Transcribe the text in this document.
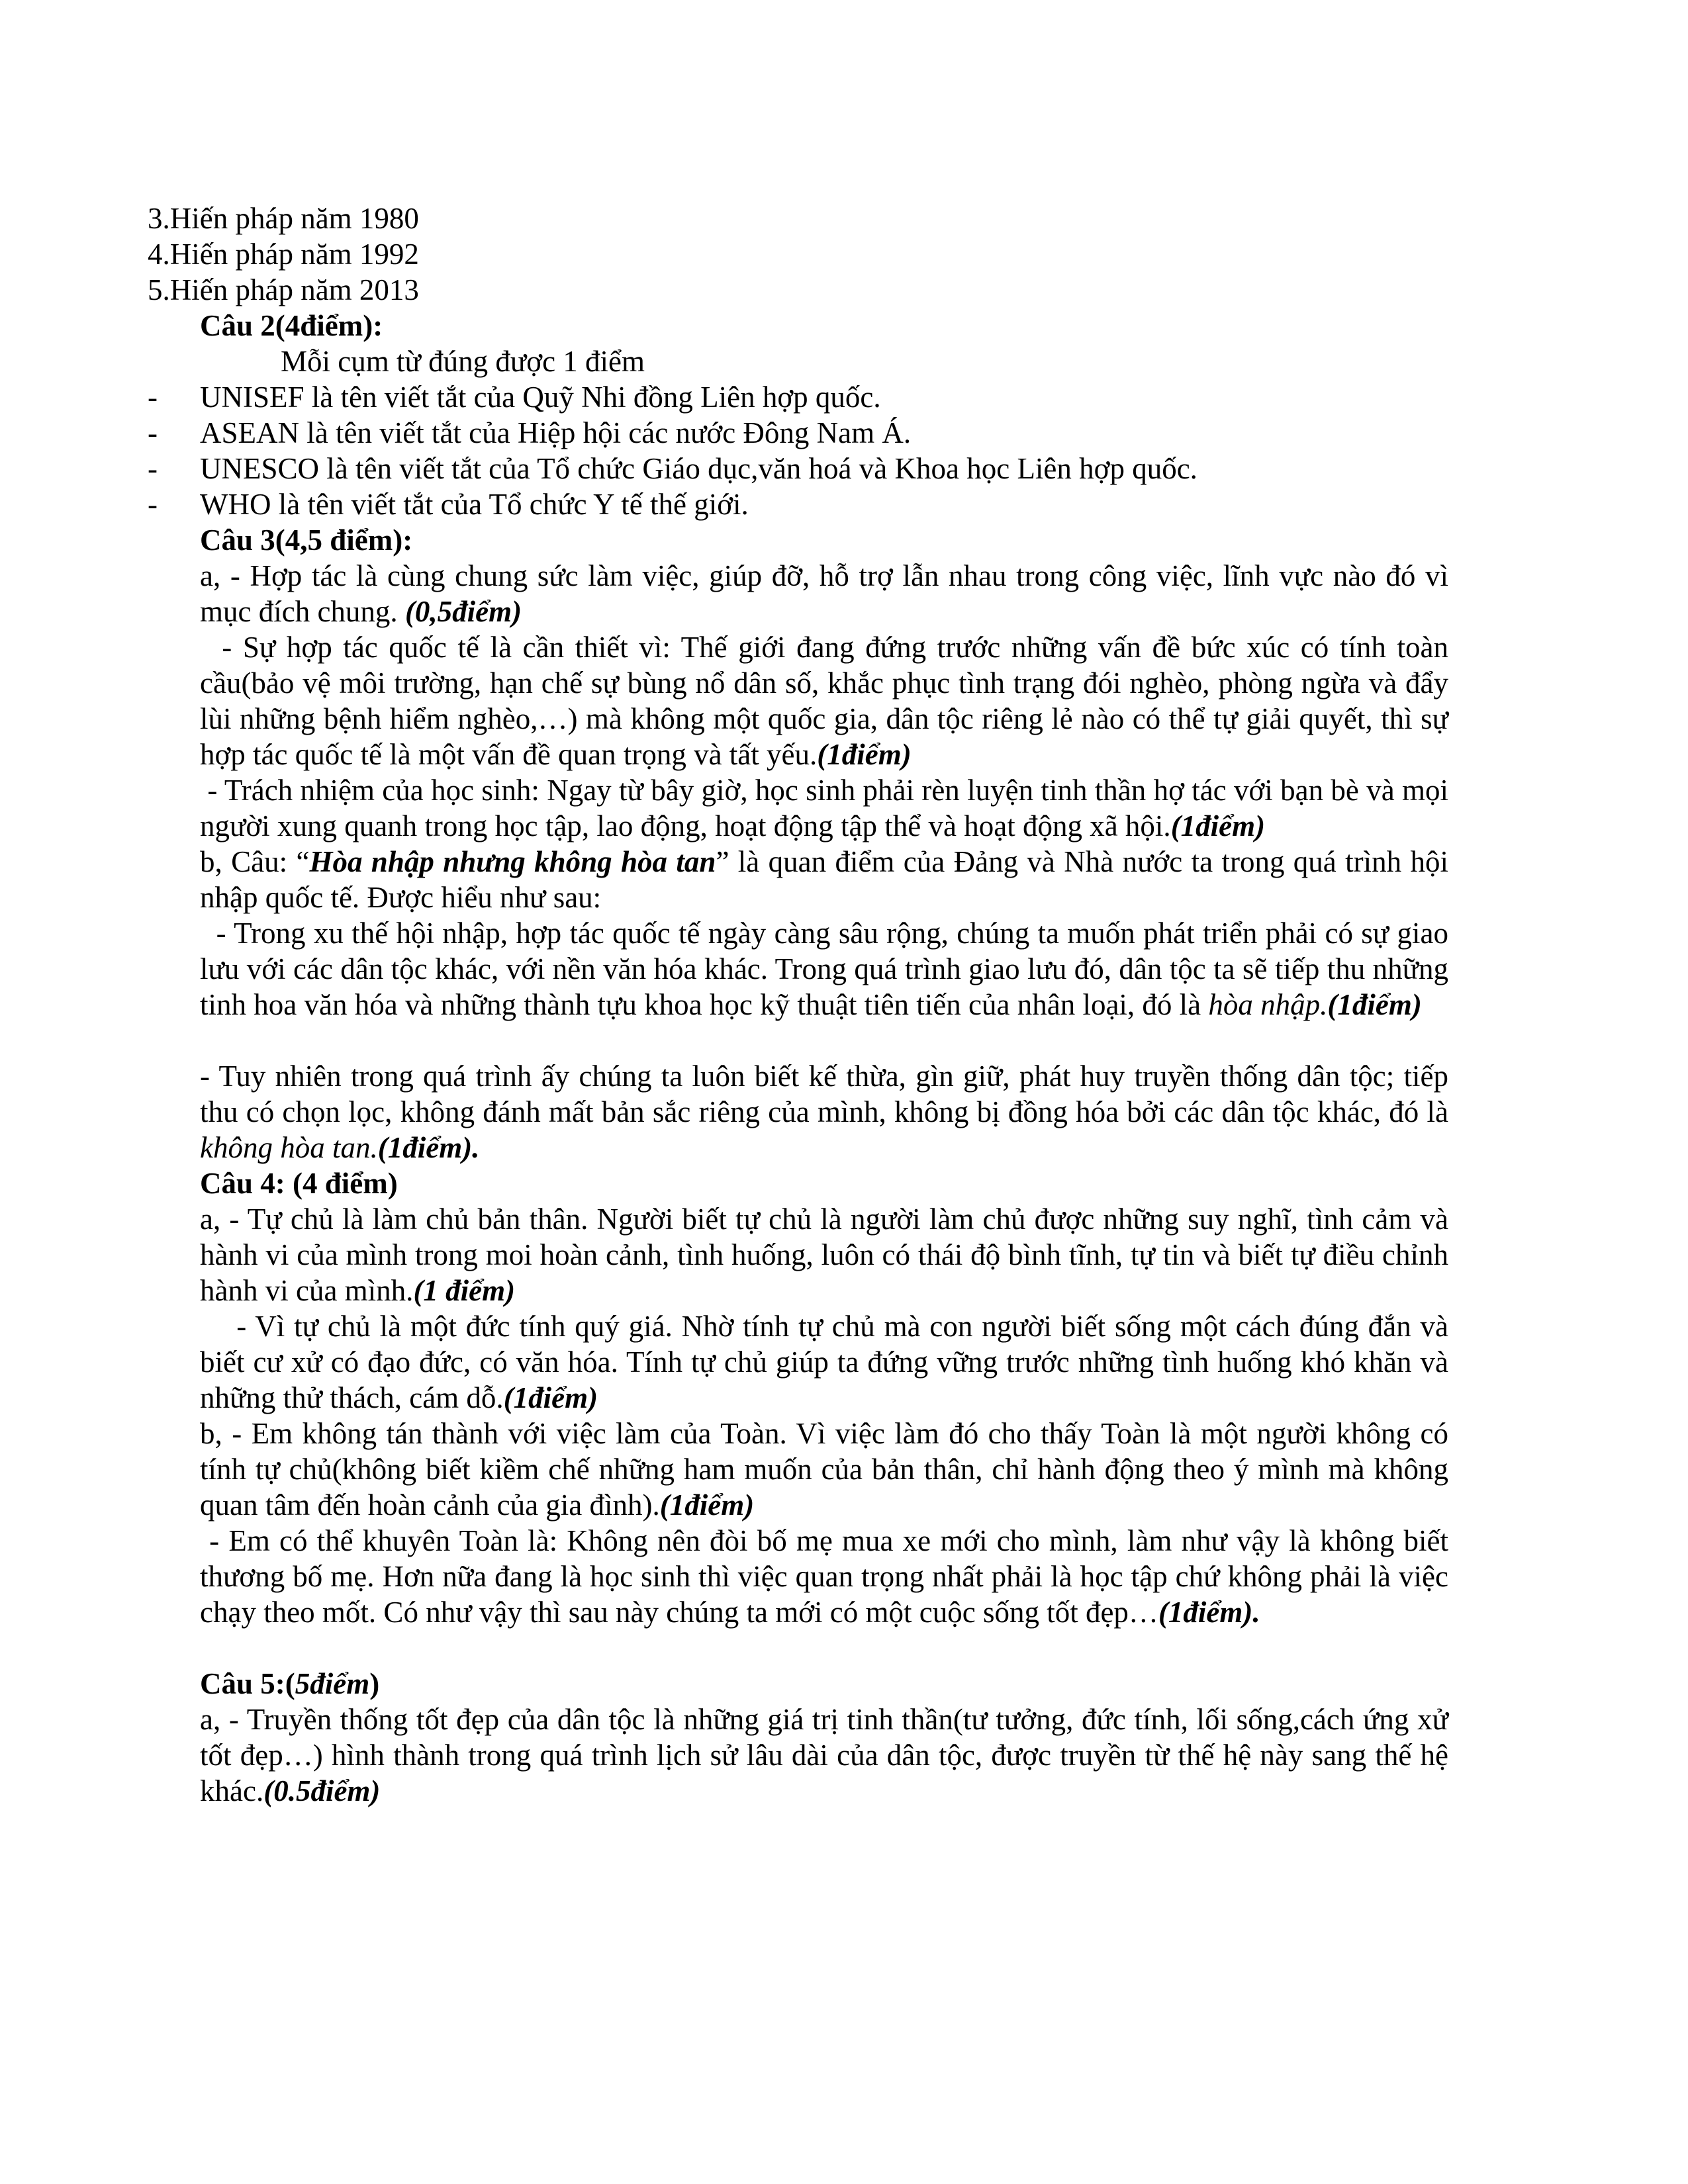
3.Hiến pháp năm 1980
4.Hiến pháp năm 1992
5.Hiến pháp năm 2013
Câu 2(4điểm):
Mỗi cụm từ đúng được 1 điểm
- UNISEF là tên viết tắt của Quỹ Nhi đồng Liên hợp quốc.
- ASEAN là tên viết tắt của Hiệp hội các nước Đông Nam Á.
- UNESCO là tên viết tắt của Tổ chức Giáo dục,văn hoá và Khoa học Liên hợp quốc.
- WHO là tên viết tắt của Tổ chức Y tế thế giới.
Câu 3(4,5 điểm):
a, - Hợp tác là cùng chung sức làm việc, giúp đỡ, hỗ trợ lẫn nhau trong công việc, lĩnh vực nào đó vì mục đích chung. (0,5điểm)
- Sự hợp tác quốc tế là cần thiết vì: Thế giới đang đứng trước những vấn đề bức xúc có tính toàn cầu(bảo vệ môi trường, hạn chế sự bùng nổ dân số, khắc phục tình trạng đói nghèo, phòng ngừa và đẩy lùi những bệnh hiểm nghèo,…) mà không một quốc gia, dân tộc riêng lẻ nào có thể tự giải quyết, thì sự hợp tác quốc tế là một vấn đề quan trọng và tất yếu.(1điểm)
- Trách nhiệm của học sinh: Ngay từ bây giờ, học sinh phải rèn luyện tinh thần hợ tác với bạn bè và mọi người xung quanh trong học tập, lao động, hoạt động tập thể và hoạt động xã hội.(1điểm)
b, Câu: “Hòa nhập nhưng không hòa tan” là quan điểm của Đảng và Nhà nước ta trong quá trình hội nhập quốc tế. Được hiểu như sau:
- Trong xu thế hội nhập, hợp tác quốc tế ngày càng sâu rộng, chúng ta muốn phát triển phải có sự giao lưu với các dân tộc khác, với nền văn hóa khác. Trong quá trình giao lưu đó, dân tộc ta sẽ tiếp thu những tinh hoa văn hóa và những thành tựu khoa học kỹ thuật tiên tiến của nhân loại, đó là hòa nhập.(1điểm)
- Tuy nhiên trong quá trình ấy chúng ta luôn biết kế thừa, gìn giữ, phát huy truyền thống dân tộc; tiếp thu có chọn lọc, không đánh mất bản sắc riêng của mình, không bị đồng hóa bởi các dân tộc khác, đó là không hòa tan.(1điểm).
Câu 4: (4 điểm)
a, - Tự chủ là làm chủ bản thân. Người biết tự chủ là người làm chủ được những suy nghĩ, tình cảm và hành vi của mình trong moi hoàn cảnh, tình huống, luôn có thái độ bình tĩnh, tự tin và biết tự điều chỉnh hành vi của mình.(1 điểm)
- Vì tự chủ là một đức tính quý giá. Nhờ tính tự chủ mà con người biết sống một cách đúng đắn và biết cư xử có đạo đức, có văn hóa. Tính tự chủ giúp ta đứng vững trước những tình huống khó khăn và những thử thách, cám dỗ.(1điểm)
b, - Em không tán thành với việc làm của Toàn. Vì việc làm đó cho thấy Toàn là một người không có tính tự chủ(không biết kiềm chế những ham muốn của bản thân, chỉ hành động theo ý mình mà không quan tâm đến hoàn cảnh của gia đình).(1điểm)
- Em có thể khuyên Toàn là: Không nên đòi bố mẹ mua xe mới cho mình, làm như vậy là không biết thương bố mẹ. Hơn nữa đang là học sinh thì việc quan trọng nhất phải là học tập chứ không phải là việc chạy theo mốt. Có như vậy thì sau này chúng ta mới có một cuộc sống tốt đẹp…(1điểm).
Câu 5:(5điểm)
a, - Truyền thống tốt đẹp của dân tộc là những giá trị tinh thần(tư tưởng, đức tính, lối sống,cách ứng xử tốt đẹp…) hình thành trong quá trình lịch sử lâu dài của dân tộc, được truyền từ thế hệ này sang thế hệ khác.(0.5điểm)
